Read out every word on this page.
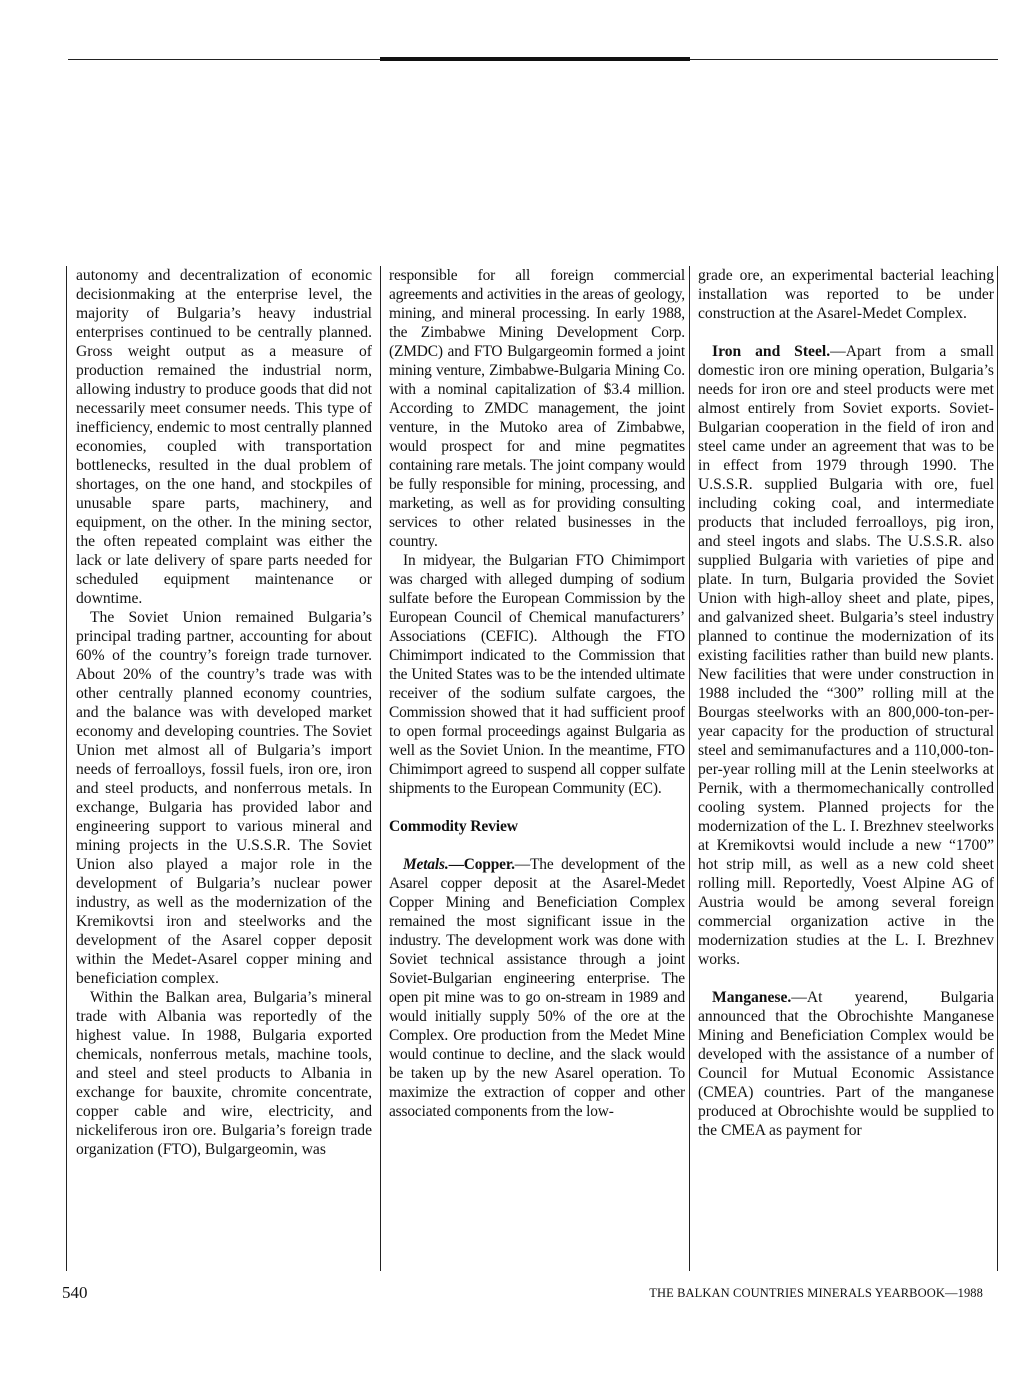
autonomy and decentralization of economic decisionmaking at the enterprise level, the majority of Bulgaria’s heavy industrial enterprises continued to be centrally planned. Gross weight output as a measure of production remained the industrial norm, allowing industry to produce goods that did not necessarily meet consumer needs. This type of inefficiency, endemic to most centrally planned economies, coupled with transportation bottlenecks, resulted in the dual problem of shortages, on the one hand, and stockpiles of unusable spare parts, machinery, and equipment, on the other. In the mining sector, the often repeated complaint was either the lack or late delivery of spare parts needed for scheduled equipment maintenance or downtime.

The Soviet Union remained Bulgaria’s principal trading partner, accounting for about 60% of the country’s foreign trade turnover. About 20% of the country’s trade was with other centrally planned economy countries, and the balance was with developed market economy and developing countries. The Soviet Union met almost all of Bulgaria’s import needs of ferroalloys, fossil fuels, iron ore, iron and steel products, and nonferrous metals. In exchange, Bulgaria has provided labor and engineering support to various mineral and mining projects in the U.S.S.R. The Soviet Union also played a major role in the development of Bulgaria’s nuclear power industry, as well as the modernization of the Kremikovtsi iron and steelworks and the development of the Asarel copper deposit within the Medet-Asarel copper mining and beneficiation complex.

Within the Balkan area, Bulgaria’s mineral trade with Albania was reportedly of the highest value. In 1988, Bulgaria exported chemicals, nonferrous metals, machine tools, and steel and steel products to Albania in exchange for bauxite, chromite concentrate, copper cable and wire, electricity, and nickeliferous iron ore. Bulgaria’s foreign trade organization (FTO), Bulgargeomin, was

responsible for all foreign commercial agreements and activities in the areas of geology, mining, and mineral processing. In early 1988, the Zimbabwe Mining Development Corp. (ZMDC) and FTO Bulgargeomin formed a joint mining venture, Zimbabwe-Bulgaria Mining Co. with a nominal capitalization of $3.4 million. According to ZMDC management, the joint venture, in the Mutoko area of Zimbabwe, would prospect for and mine pegmatites containing rare metals. The joint company would be fully responsible for mining, processing, and marketing, as well as for providing consulting services to other related businesses in the country.

In midyear, the Bulgarian FTO Chimimport was charged with alleged dumping of sodium sulfate before the European Commission by the European Council of Chemical manufacturers’ Associations (CEFIC). Although the FTO Chimimport indicated to the Commission that the United States was to be the intended ultimate receiver of the sodium sulfate cargoes, the Commission showed that it had sufficient proof to open formal proceedings against Bulgaria as well as the Soviet Union. In the meantime, FTO Chimimport agreed to suspend all copper sulfate shipments to the European Community (EC).

Commodity Review

Metals.—Copper.—The development of the Asarel copper deposit at the Asarel-Medet Copper Mining and Beneficiation Complex remained the most significant issue in the industry. The development work was done with Soviet technical assistance through a joint Soviet-Bulgarian engineering enterprise. The open pit mine was to go on-stream in 1989 and would initially supply 50% of the ore at the Complex. Ore production from the Medet Mine would continue to decline, and the slack would be taken up by the new Asarel operation. To maximize the extraction of copper and other associated components from the low-

grade ore, an experimental bacterial leaching installation was reported to be under construction at the Asarel-Medet Complex.

Iron and Steel.—Apart from a small domestic iron ore mining operation, Bulgaria’s needs for iron ore and steel products were met almost entirely from Soviet exports. Soviet-Bulgarian cooperation in the field of iron and steel came under an agreement that was to be in effect from 1979 through 1990. The U.S.S.R. supplied Bulgaria with ore, fuel including coking coal, and intermediate products that included ferroalloys, pig iron, and steel ingots and slabs. The U.S.S.R. also supplied Bulgaria with varieties of pipe and plate. In turn, Bulgaria provided the Soviet Union with high-alloy sheet and plate, pipes, and galvanized sheet. Bulgaria’s steel industry planned to continue the modernization of its existing facilities rather than build new plants. New facilities that were under construction in 1988 included the “300” rolling mill at the Bourgas steelworks with an 800,000-ton-per-year capacity for the production of structural steel and semimanufactures and a 110,000-ton-per-year rolling mill at the Lenin steelworks at Pernik, with a thermomechanically controlled cooling system. Planned projects for the modernization of the L. I. Brezhnev steelworks at Kremikovtsi would include a new “1700” hot strip mill, as well as a new cold sheet rolling mill. Reportedly, Voest Alpine AG of Austria would be among several foreign commercial organization active in the modernization studies at the L. I. Brezhnev works.

Manganese.—At yearend, Bulgaria announced that the Obrochishte Manganese Mining and Beneficiation Complex would be developed with the assistance of a number of Council for Mutual Economic Assistance (CMEA) countries. Part of the manganese produced at Obrochishte would be supplied to the CMEA as payment for

540	THE BALKAN COUNTRIES MINERALS YEARBOOK—1988
